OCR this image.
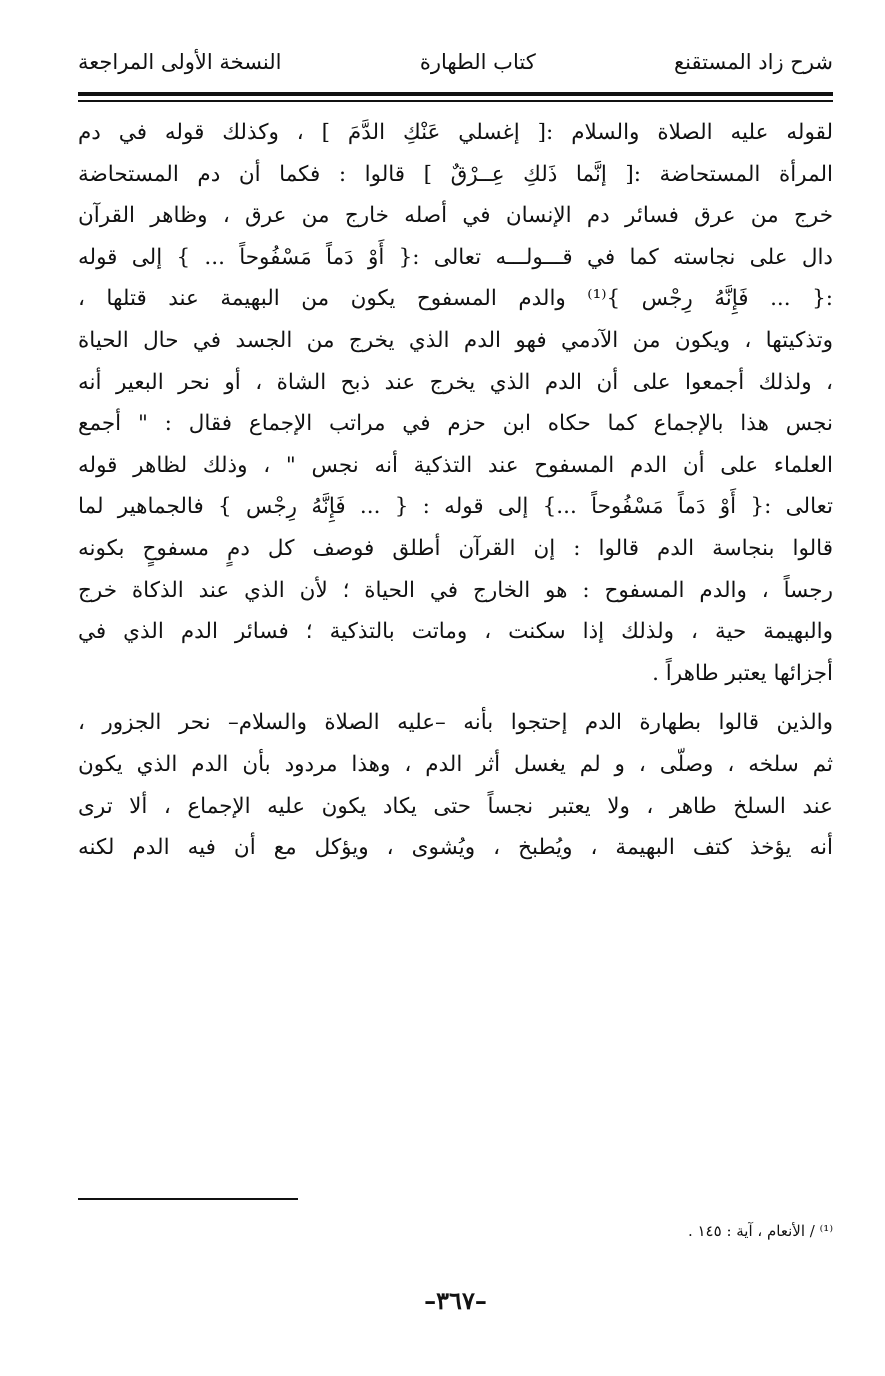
شرح زاد المستقنع
كتاب الطهارة
النسخة الأولى المراجعة

لقوله عليه الصلاة والسلام :[ إغسلي عَنْكِ الدَّمَ ] ، وكذلك قوله في دم
المرأة المستحاضة :[ إنَّما ذَلكِ عِــرْقٌ ] قالوا : فكما أن دم المستحاضة
خرج من عرق فسائر دم الإنسان في أصله خارج من عرق ، وظاهر القرآن
دال على نجاسته كما في قـــولـــه تعالى :{ أَوْ دَماً مَسْفُوحاً ... } إلى قوله
:{ ... فَإِنَّهُ رِجْس }⁽¹⁾ والدم المسفوح يكون من البهيمة عند قتلها ،
وتذكيتها ، ويكون من الآدمي فهو الدم الذي يخرج من الجسد في حال الحياة
، ولذلك أجمعوا على أن الدم الذي يخرج عند ذبح الشاة ، أو نحر البعير أنه
نجس هذا بالإجماع كما حكاه ابن حزم في مراتب الإجماع فقال : " أجمع
العلماء على أن الدم المسفوح عند التذكية أنه نجس " ، وذلك لظاهر قوله
تعالى :{ أَوْ دَماً مَسْفُوحاً ...} إلى قوله : { ... فَإِنَّهُ رِجْس } فالجماهير لما
قالوا بنجاسة الدم قالوا : إن القرآن أطلق فوصف كل دمٍ مسفوحٍ بكونه
رجساً ، والدم المسفوح : هو الخارج في الحياة ؛ لأن الذي عند الذكاة خرج
والبهيمة حية ، ولذلك إذا سكنت ، وماتت بالتذكية ؛ فسائر الدم الذي في
أجزائها يعتبر طاهراً .

والذين قالوا بطهارة الدم إحتجوا بأنه –عليه الصلاة والسلام– نحر الجزور ،
ثم سلخه ، وصلّى ، و لم يغسل أثر الدم ، وهذا مردود بأن الدم الذي يكون
عند السلخ طاهر ، ولا يعتبر نجساً حتى يكاد يكون عليه الإجماع ، ألا ترى
أنه يؤخذ كتف البهيمة ، ويُطبخ ، ويُشوى ، ويؤكل مع أن فيه الدم لكنه

⁽¹⁾ / الأنعام ، آية : ١٤٥ .
–٣٦٧–
